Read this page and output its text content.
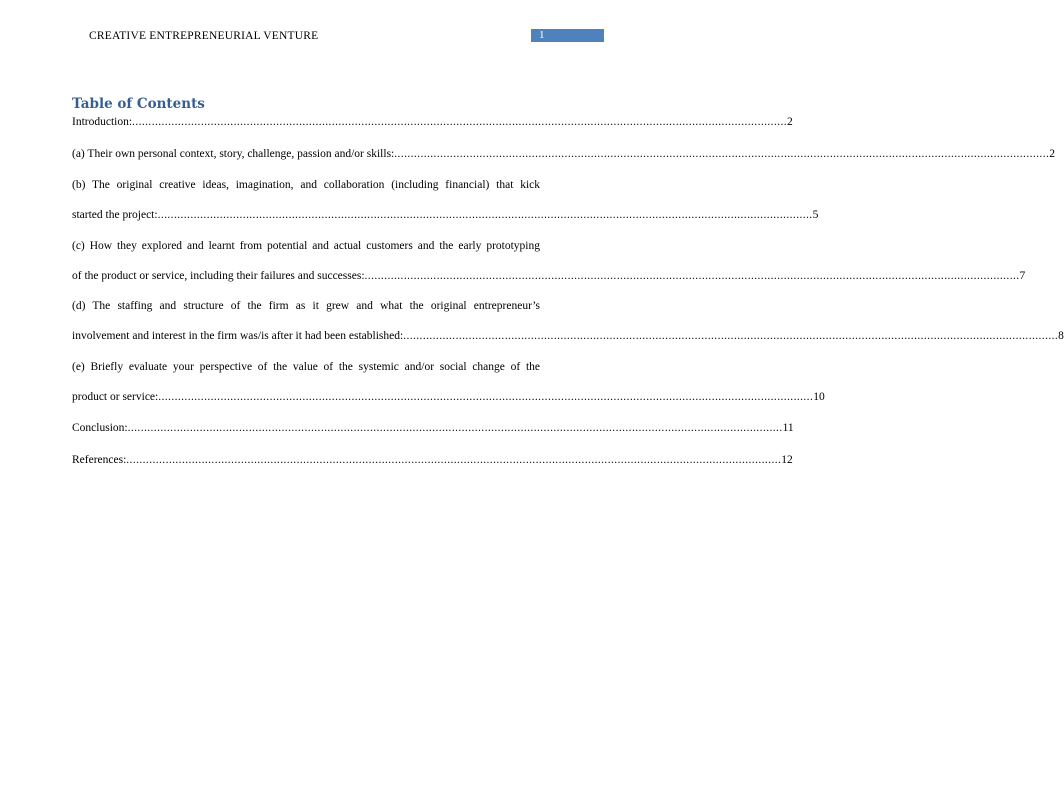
CREATIVE ENTREPRENEURIAL VENTURE	1
Table of Contents
Introduction: ........................................................................................................................................................................................................ 2
(a) Their own personal context, story, challenge, passion and/or skills: ........................................................................................................................................................................................................ 2
(b) The original creative ideas, imagination, and collaboration (including financial) that kick
started the project: ........................................................................................................................................................................................................ 5
(c) How they explored and learnt from potential and actual customers and the early prototyping
of the product or service, including their failures and successes: ........................................................................................................................................................................................................ 7
(d) The staffing and structure of the firm as it grew and what the original entrepreneur’s
involvement and interest in the firm was/is after it had been established: ........................................................................................................................................................................................................ 8
(e) Briefly evaluate your perspective of the value of the systemic and/or social change of the
product or service: ........................................................................................................................................................................................................ 10
Conclusion: ........................................................................................................................................................................................................ 11
References: ........................................................................................................................................................................................................ 12
